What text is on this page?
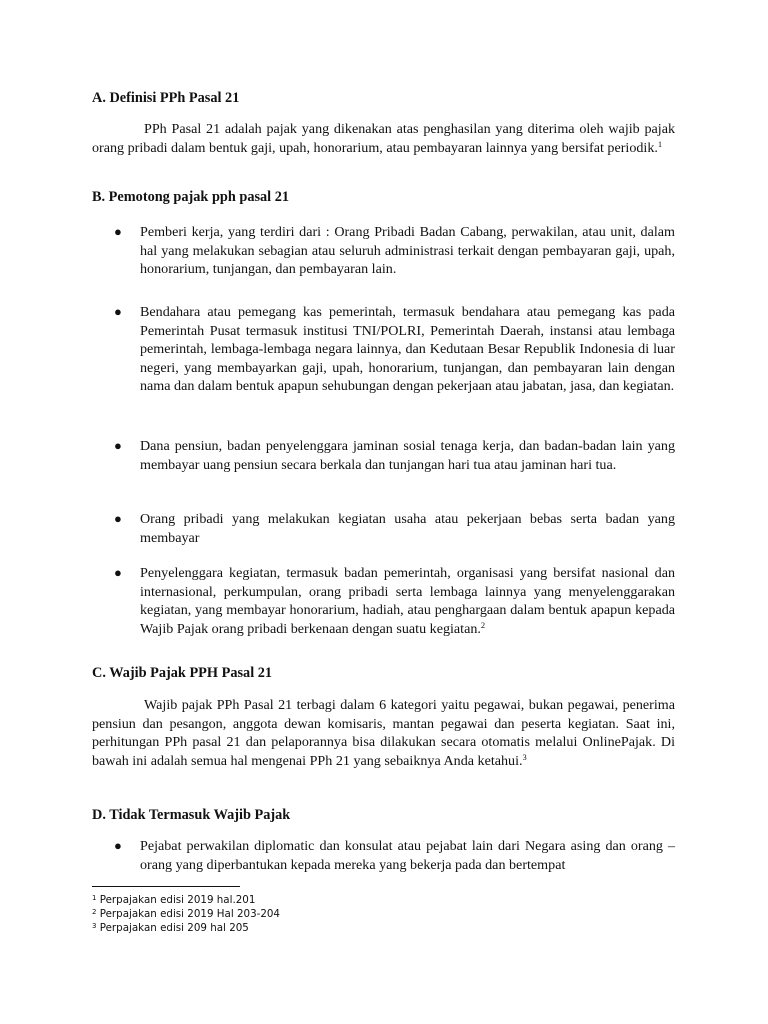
A. Definisi PPh Pasal 21

PPh Pasal 21 adalah pajak yang dikenakan atas penghasilan yang diterima oleh wajib pajak orang pribadi dalam bentuk gaji, upah, honorarium, atau pembayaran lainnya yang bersifat periodik.$^1$

B. Pemotong pajak pph pasal 21
● Pemberi kerja, yang terdiri dari : Orang Pribadi Badan Cabang, perwakilan, atau unit, dalam hal yang melakukan sebagian atau seluruh administrasi terkait dengan pembayaran gaji, upah, honorarium, tunjangan, dan pembayaran lain.
● Bendahara atau pemegang kas pemerintah, termasuk bendahara atau pemegang kas pada Pemerintah Pusat termasuk institusi TNI/POLRI, Pemerintah Daerah, instansi atau lembaga pemerintah, lembaga-lembaga negara lainnya, dan Kedutaan Besar Republik Indonesia di luar negeri, yang membayarkan gaji, upah, honorarium, tunjangan, dan pembayaran lain dengan nama dan dalam bentuk apapun sehubungan dengan pekerjaan atau jabatan, jasa, dan kegiatan.
● Dana pensiun, badan penyelenggara jaminan sosial tenaga kerja, dan badan-badan lain yang membayar uang pensiun secara berkala dan tunjangan hari tua atau jaminan hari tua.
● Orang pribadi yang melakukan kegiatan usaha atau pekerjaan bebas serta badan yang membayar
● Penyelenggara kegiatan, termasuk badan pemerintah, organisasi yang bersifat nasional dan internasional, perkumpulan, orang pribadi serta lembaga lainnya yang menyelenggarakan kegiatan, yang membayar honorarium, hadiah, atau penghargaan dalam bentuk apapun kepada Wajib Pajak orang pribadi berkenaan dengan suatu kegiatan.$^2$
C. Wajib Pajak PPH Pasal 21

Wajib pajak PPh Pasal 21 terbagi dalam 6 kategori yaitu pegawai, bukan pegawai, penerima pensiun dan pesangon, anggota dewan komisaris, mantan pegawai dan peserta kegiatan. Saat ini, perhitungan PPh pasal 21 dan pelaporannya bisa dilakukan secara otomatis melalui OnlinePajak. Di bawah ini adalah semua hal mengenai PPh 21 yang sebaiknya Anda ketahui.$^3$

D. Tidak Termasuk Wajib Pajak
● Pejabat perwakilan diplomatic dan konsulat atau pejabat lain dari Negara asing dan orang – orang yang diperbantukan kepada mereka yang bekerja pada dan bertempat

$^1$ Perpajakan edisi 2019 hal.201

$^2$ Perpajakan edisi 2019 Hal 203-204

$^3$ Perpajakan edisi 209 hal 205
